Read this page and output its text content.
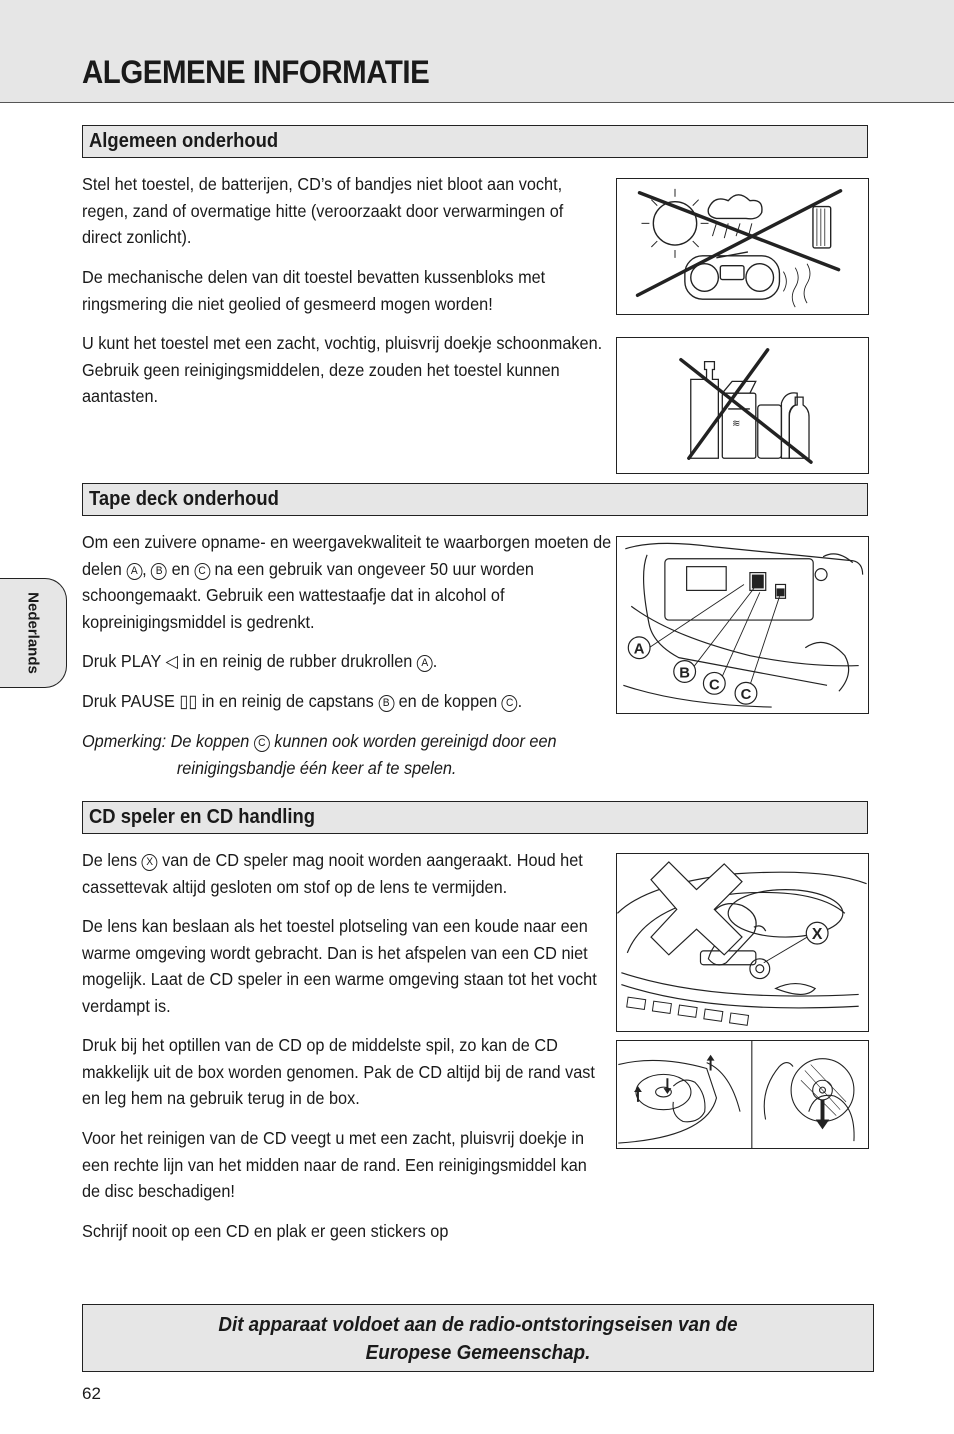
ALGEMENE INFORMATIE
Nederlands
Algemeen onderhoud

Stel het toestel, de batterijen, CD’s of bandjes niet bloot aan vocht, regen, zand of overmatige hitte (veroorzaakt door verwarmingen of direct zonlicht).

De mechanische delen van dit toestel bevatten kussenbloks met ringsmering die niet geolied of gesmeerd mogen worden!

U kunt het toestel met een zacht, vochtig, pluisvrij doekje schoonmaken. Gebruik geen reinigingsmiddelen, deze zouden het toestel kunnen aantasten.

≋
Tape deck onderhoud

Om een zuivere opname- en weergavekwaliteit te waarborgen moeten de delen A , B en C na een gebruik van ongeveer 50 uur worden schoongemaakt. Gebruik een wattestaafje dat in alcohol of kopreinigingsmiddel is gedrenkt.

Druk PLAY ◁ in en reinig de rubber drukrollen A .

Druk PAUSE ▯▯ in en reinig de capstans B en de koppen C .

Opmerking: De koppen C kunnen ook worden gereinigd door een
reinigingsbandje één keer af te spelen.

A
B
C
C
CD speler en CD handling

De lens X van de CD speler mag nooit worden aangeraakt. Houd het cassettevak altijd gesloten om stof op de lens te vermijden.

De lens kan beslaan als het toestel plotseling van een koude naar een warme omgeving wordt gebracht. Dan is het afspelen van een CD niet mogelijk. Laat de CD speler in een warme omgeving staan tot het vocht verdampt is.

Druk bij het optillen van de CD op de middelste spil, zo kan de CD makkelijk uit de box worden genomen. Pak de CD altijd bij de rand vast en leg hem na gebruik terug in de box.

Voor het reinigen van de CD veegt u met een zacht, pluisvrij doekje in een rechte lijn van het midden naar de rand. Een reinigingsmiddel kan de disc beschadigen!

Schrijf nooit op een CD en plak er geen stickers op

X
Dit apparaat voldoet aan de radio-ontstoringseisen van de
Europese Gemeenschap.
62
